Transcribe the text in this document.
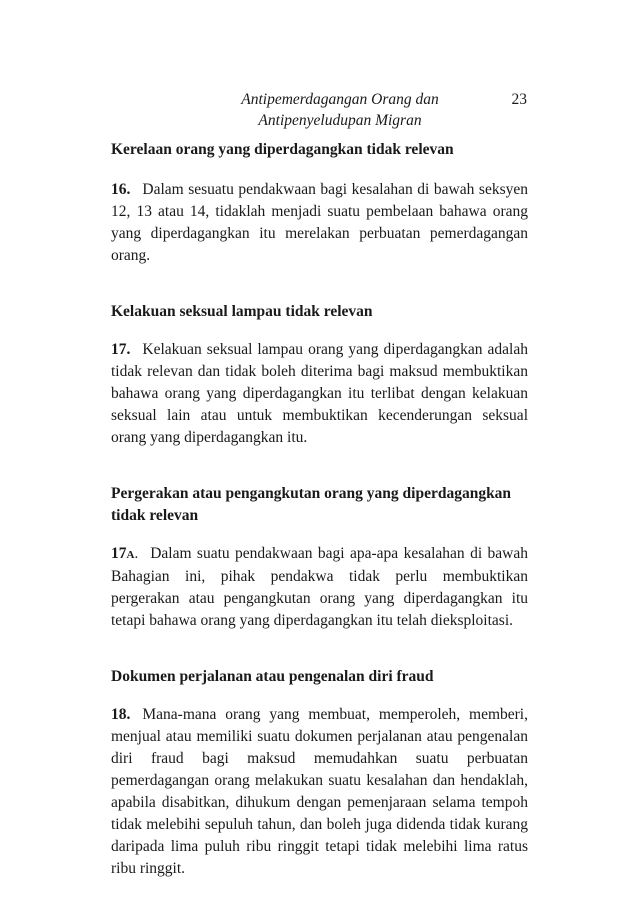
Antipemerdagangan Orang dan
Antipenyeludupan Migran
23

Kerelaan orang yang diperdagangkan tidak relevan

16. Dalam sesuatu pendakwaan bagi kesalahan di bawah seksyen 12, 13 atau 14, tidaklah menjadi suatu pembelaan bahawa orang yang diperdagangkan itu merelakan perbuatan pemerdagangan orang.

Kelakuan seksual lampau tidak relevan

17. Kelakuan seksual lampau orang yang diperdagangkan adalah tidak relevan dan tidak boleh diterima bagi maksud membuktikan bahawa orang yang diperdagangkan itu terlibat dengan kelakuan seksual lain atau untuk membuktikan kecenderungan seksual orang yang diperdagangkan itu.

Pergerakan atau pengangkutan orang yang diperdagangkan tidak relevan

17A. Dalam suatu pendakwaan bagi apa-apa kesalahan di bawah Bahagian ini, pihak pendakwa tidak perlu membuktikan pergerakan atau pengangkutan orang yang diperdagangkan itu tetapi bahawa orang yang diperdagangkan itu telah dieksploitasi.

Dokumen perjalanan atau pengenalan diri fraud

18. Mana-mana orang yang membuat, memperoleh, memberi, menjual atau memiliki suatu dokumen perjalanan atau pengenalan diri fraud bagi maksud memudahkan suatu perbuatan pemerdagangan orang melakukan suatu kesalahan dan hendaklah, apabila disabitkan, dihukum dengan pemenjaraan selama tempoh tidak melebihi sepuluh tahun, dan boleh juga didenda tidak kurang daripada lima puluh ribu ringgit tetapi tidak melebihi lima ratus ribu ringgit.
